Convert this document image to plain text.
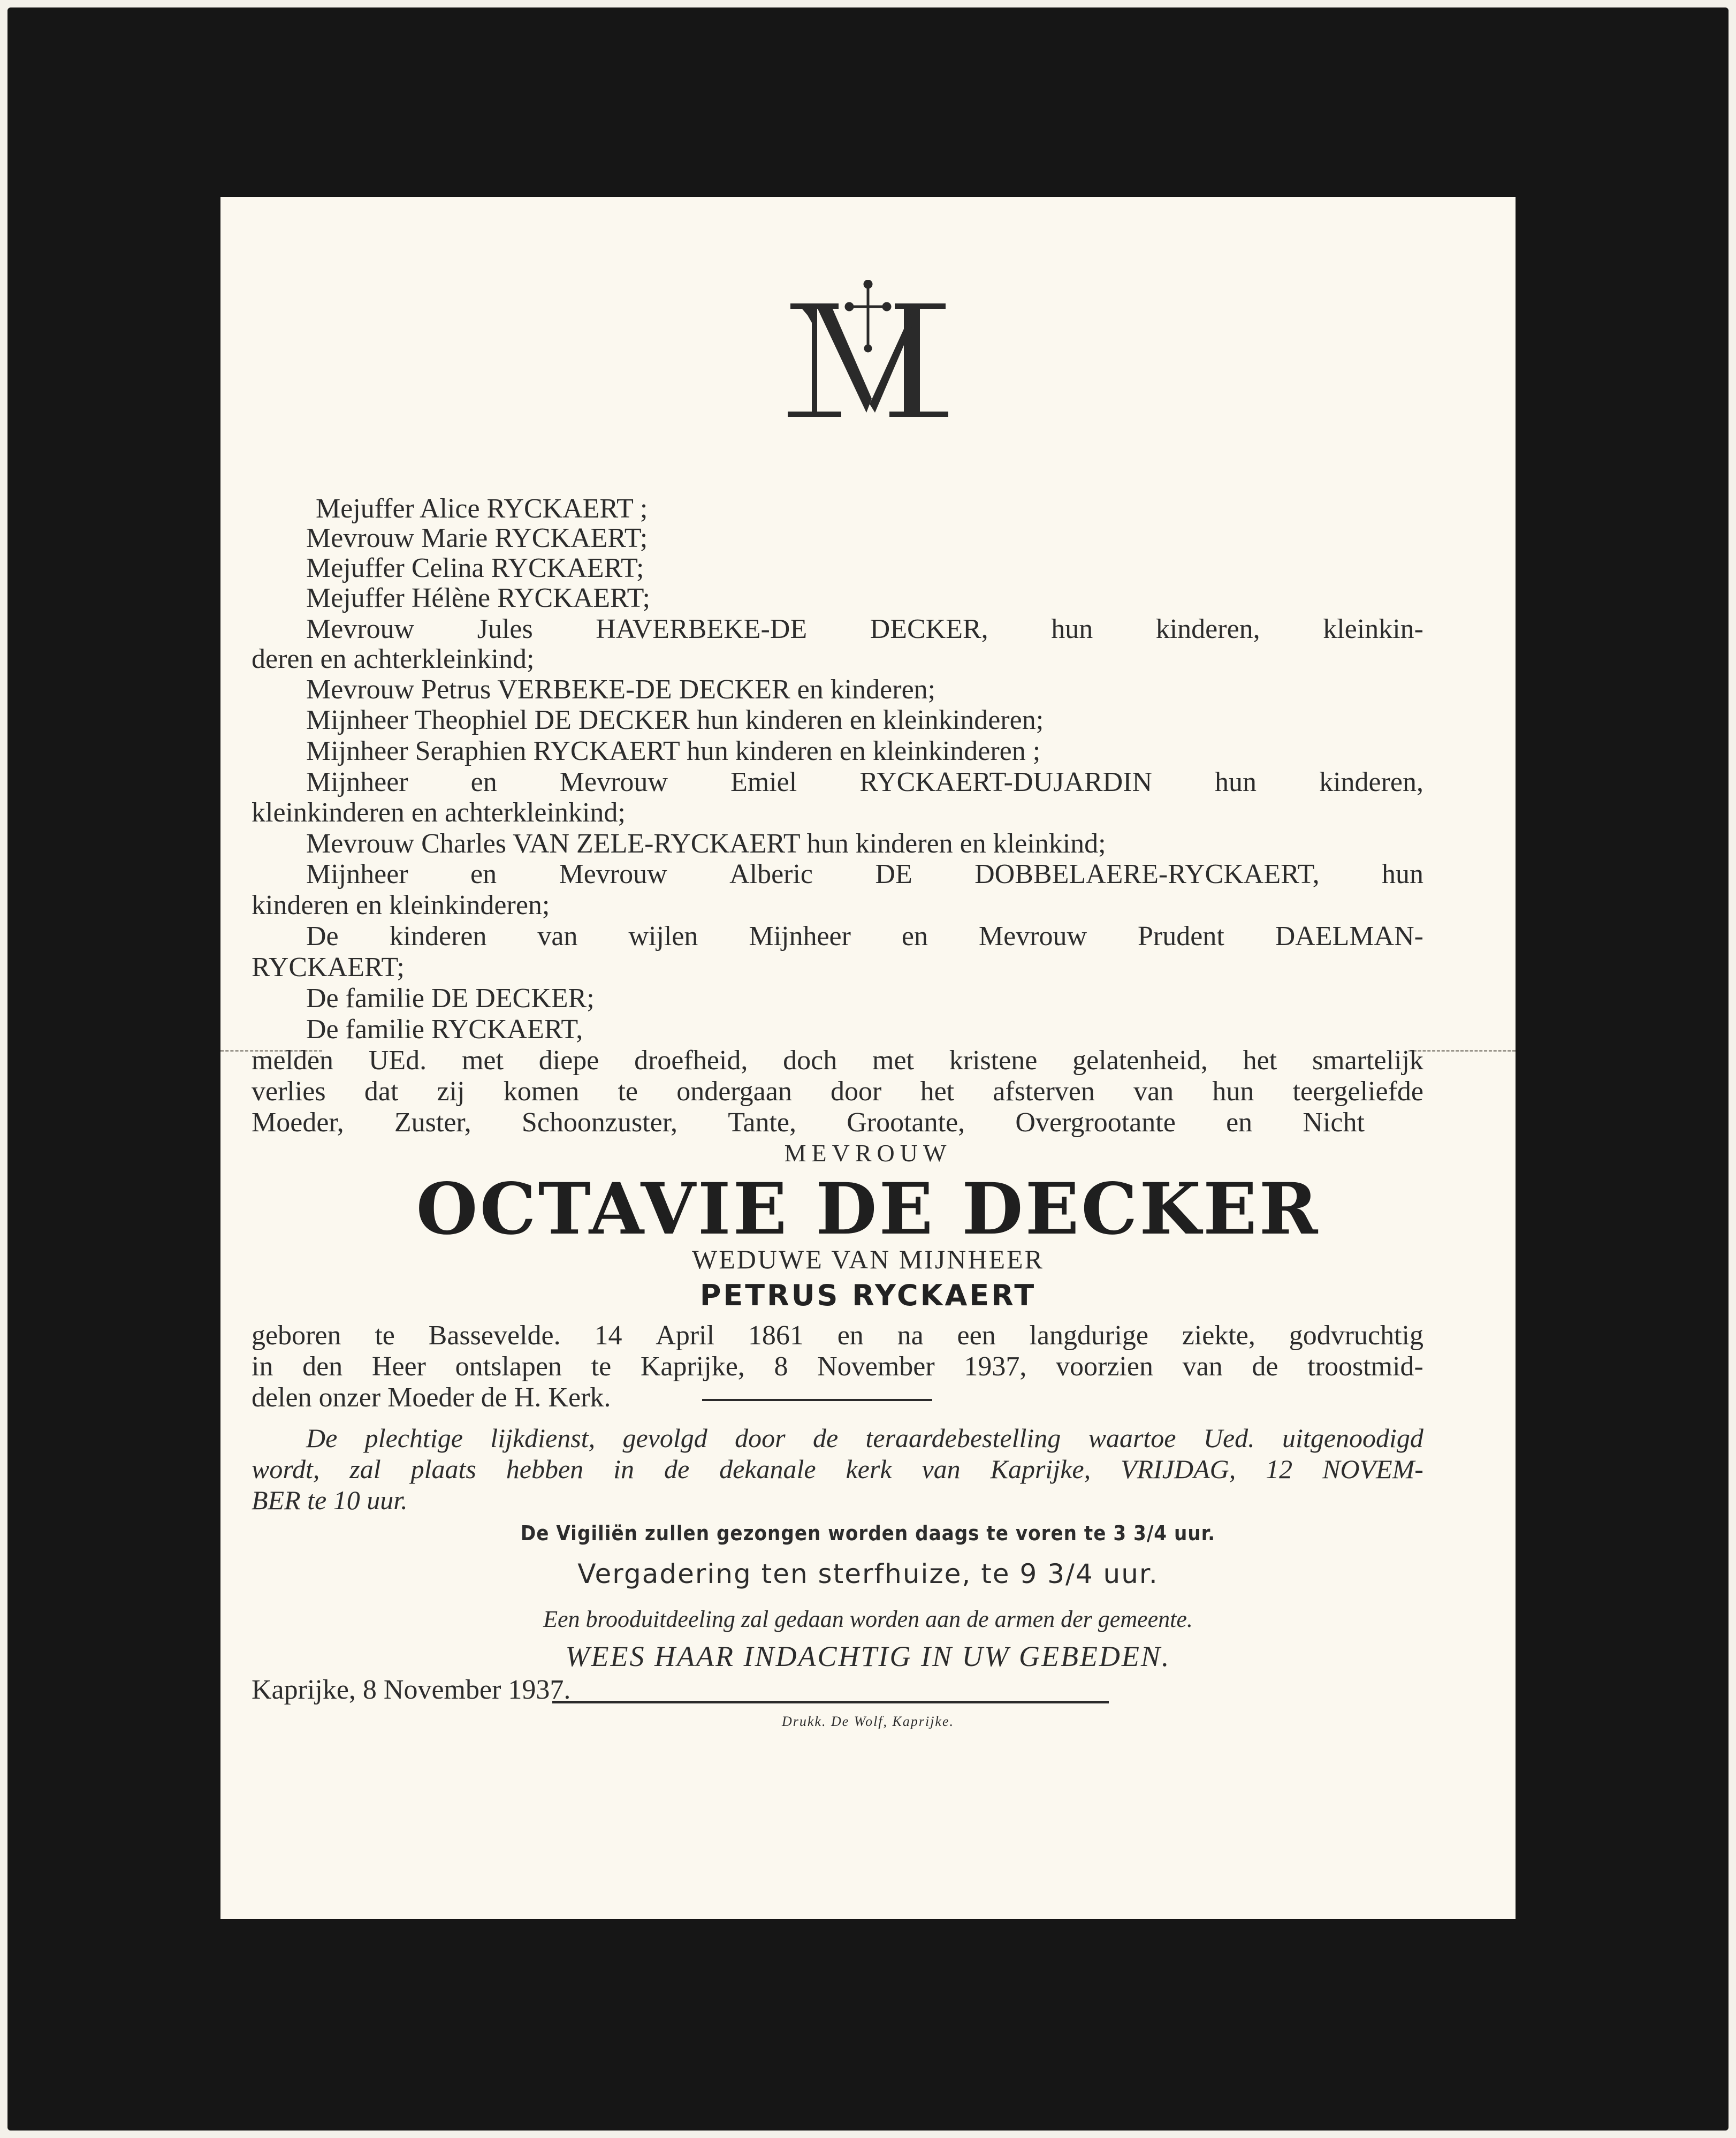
Mejuffer Alice RYCKAERT ;
Mevrouw Marie RYCKAERT;
Mejuffer Celina RYCKAERT;
Mejuffer Hélène RYCKAERT;
Mevrouw Jules HAVERBEKE-DE DECKER, hun kinderen, kleinkin-
deren en achterkleinkind;
Mevrouw Petrus VERBEKE-DE DECKER en kinderen;
Mijnheer Theophiel DE DECKER hun kinderen en kleinkinderen;
Mijnheer Seraphien RYCKAERT hun kinderen en kleinkinderen ;
Mijnheer en Mevrouw Emiel RYCKAERT-DUJARDIN hun kinderen,
kleinkinderen en achterkleinkind;
Mevrouw Charles VAN ZELE-RYCKAERT hun kinderen en kleinkind;
Mijnheer en Mevrouw Alberic DE DOBBELAERE-RYCKAERT, hun
kinderen en kleinkinderen;
De kinderen van wijlen Mijnheer en Mevrouw Prudent DAELMAN-
RYCKAERT;
De familie DE DECKER;
De familie RYCKAERT,
melden UEd. met diepe droefheid, doch met kristene gelatenheid, het smartelijk
verlies dat zij komen te ondergaan door het afsterven van hun teergeliefde
Moeder, Zuster, Schoonzuster, Tante, Grootante, Overgrootante en Nicht
MEVROUW
OCTAVIE DE DECKER
WEDUWE VAN MIJNHEER
PETRUS RYCKAERT
geboren te Bassevelde. 14 April 1861 en na een langdurige ziekte, godvruchtig
in den Heer ontslapen te Kaprijke, 8 November 1937, voorzien van de troostmid-
delen onzer Moeder de H. Kerk.
De plechtige lijkdienst, gevolgd door de teraardebestelling waartoe Ued. uitgenoodigd
wordt, zal plaats hebben in de dekanale kerk van Kaprijke, VRIJDAG, 12 NOVEM-
BER te 10 uur.
De Vigiliën zullen gezongen worden daags te voren te 3 3/4 uur.
Vergadering ten sterfhuize, te 9 3/4 uur.
Een brooduitdeeling zal gedaan worden aan de armen der gemeente.
WEES HAAR INDACHTIG IN UW GEBEDEN.
Kaprijke, 8 November 1937.
Drukk. De Wolf, Kaprijke.
